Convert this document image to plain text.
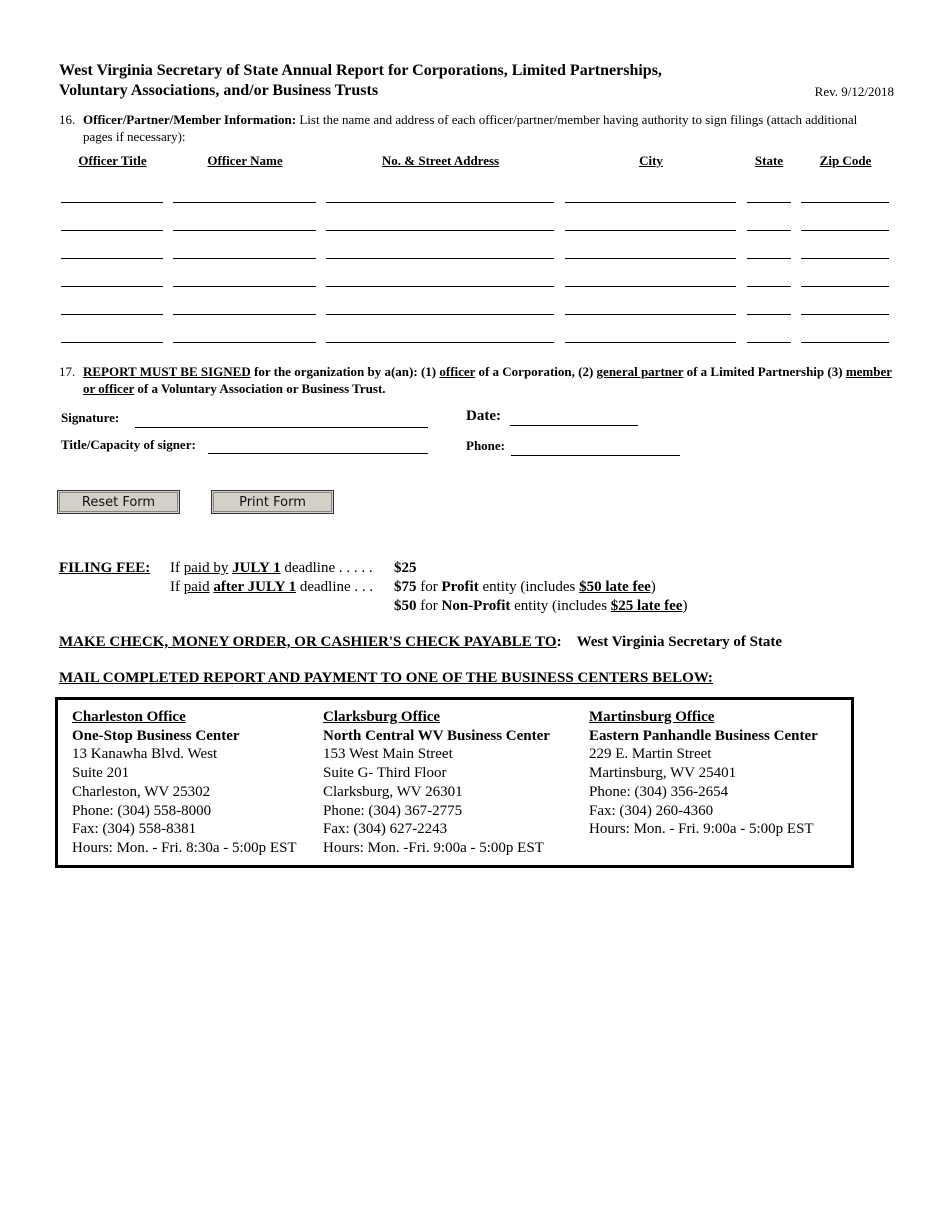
West Virginia Secretary of State Annual Report for Corporations, Limited Partnerships,
Voluntary Associations, and/or Business Trusts	Rev. 9/12/2018
16. Officer/Partner/Member Information: List the name and address of each officer/partner/member having authority to sign filings (attach additional pages if necessary):
Officer Title	Officer Name	No. & Street Address	City	State	Zip Code
17. REPORT MUST BE SIGNED for the organization by a(an): (1) officer of a Corporation, (2) general partner of a Limited Partnership (3) member or officer of a Voluntary Association or Business Trust.
Signature:
Title/Capacity of signer:
Date:
Phone:
Reset Form	Print Form
FILING FEE: If paid by JULY 1 deadline . . . . . $25
If paid after JULY 1 deadline . . . $75 for Profit entity (includes $50 late fee)
$50 for Non-Profit entity (includes $25 late fee)
MAKE CHECK, MONEY ORDER, OR CASHIER'S CHECK PAYABLE TO: West Virginia Secretary of State
MAIL COMPLETED REPORT AND PAYMENT TO ONE OF THE BUSINESS CENTERS BELOW:
Charleston Office
One-Stop Business Center
13 Kanawha Blvd. West
Suite 201
Charleston, WV 25302
Phone: (304) 558-8000
Fax: (304) 558-8381
Hours: Mon. - Fri. 8:30a - 5:00p EST
Clarksburg Office
North Central WV Business Center
153 West Main Street
Suite G- Third Floor
Clarksburg, WV 26301
Phone: (304) 367-2775
Fax: (304) 627-2243
Hours: Mon. -Fri. 9:00a - 5:00p EST
Martinsburg Office
Eastern Panhandle Business Center
229 E. Martin Street
Martinsburg, WV 25401
Phone: (304) 356-2654
Fax: (304) 260-4360
Hours: Mon. - Fri. 9:00a - 5:00p EST
